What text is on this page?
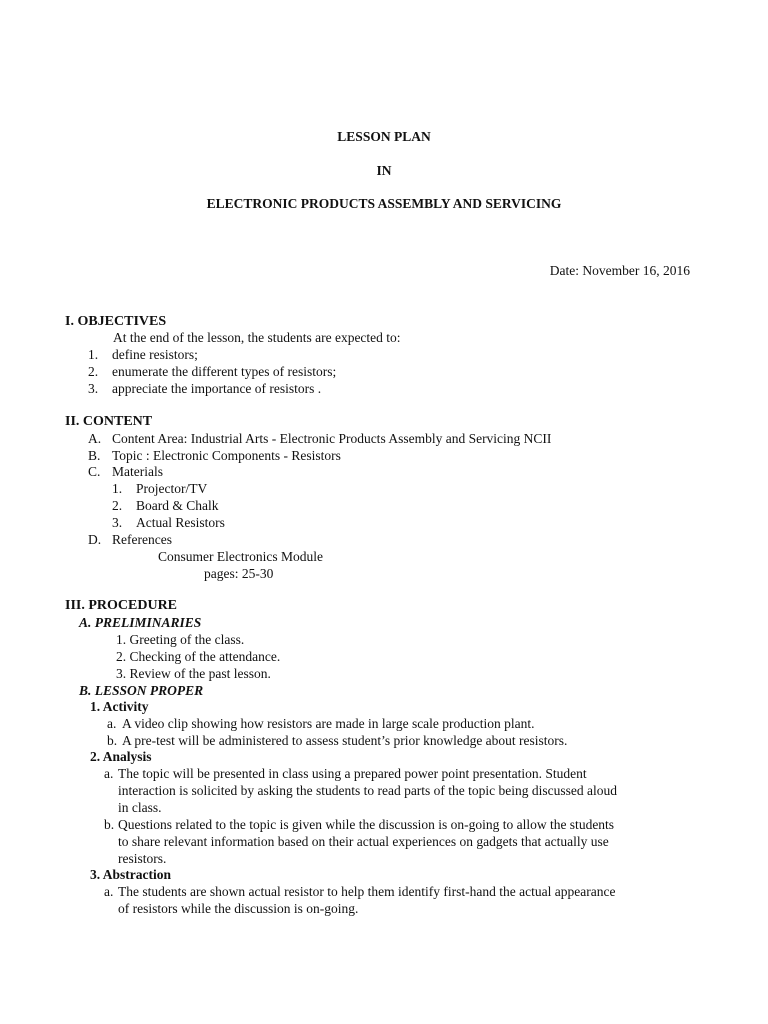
LESSON PLAN
IN
ELECTRONIC PRODUCTS ASSEMBLY AND SERVICING
Date: November 16, 2016
I. OBJECTIVES
At the end of the lesson, the students are expected to:
1. define resistors;
2. enumerate the different types of resistors;
3. appreciate the importance of resistors .
II. CONTENT
A. Content Area: Industrial Arts - Electronic Products Assembly and Servicing NCII
B. Topic : Electronic Components - Resistors
C. Materials
1. Projector/TV
2. Board & Chalk
3. Actual Resistors
D. References
Consumer Electronics Module
pages: 25-30
III. PROCEDURE
A. PRELIMINARIES
1. Greeting of the class.
2. Checking of the attendance.
3. Review of the past lesson.
B. LESSON PROPER
1. Activity
a. A video clip showing how resistors are made in large scale production plant.
b. A pre-test will be administered to assess student’s prior knowledge about resistors.
2. Analysis
a. The topic will be presented in class using a prepared power point presentation. Student
interaction is solicited by asking the students to read parts of the topic being discussed aloud
in class.
b. Questions related to the topic is given while the discussion is on-going to allow the students
to share relevant information based on their actual experiences on gadgets that actually use
resistors.
3. Abstraction
a. The students are shown actual resistor to help them identify first-hand the actual appearance
of resistors while the discussion is on-going.
